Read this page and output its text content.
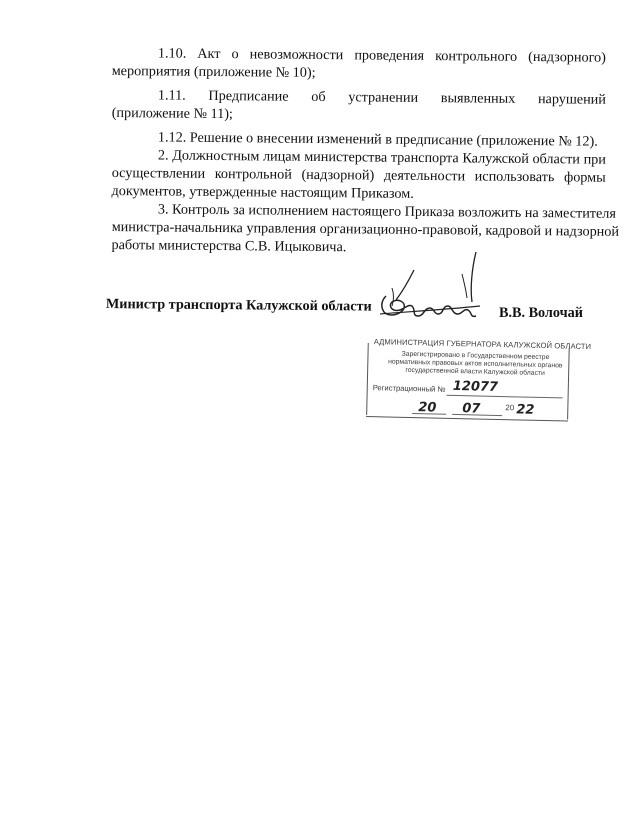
1.10. Акт о невозможности проведения контрольного (надзорного)
мероприятия (приложение № 10);
1.11. Предписание об устранении выявленных нарушений
(приложение № 11);
1.12. Решение о внесении изменений в предписание (приложение № 12).
2. Должностным лицам министерства транспорта Калужской области при
осуществлении контрольной (надзорной) деятельности использовать формы
документов, утвержденные настоящим Приказом.
3. Контроль за исполнением настоящего Приказа возложить на заместителя
министра-начальника управления организационно-правовой, кадровой и надзорной
работы министерства С.В. Ицыковича.
Министр транспорта Калужской области	В.В. Волочай
АДМИНИСТРАЦИЯ ГУБЕРНАТОРА КАЛУЖСКОЙ ОБЛАСТИ
Зарегистрировано в Государственном реестре нормативных правовых актов исполнительных органов государственной власти Калужской области
Регистрационный № 12077
20 07	20 22
